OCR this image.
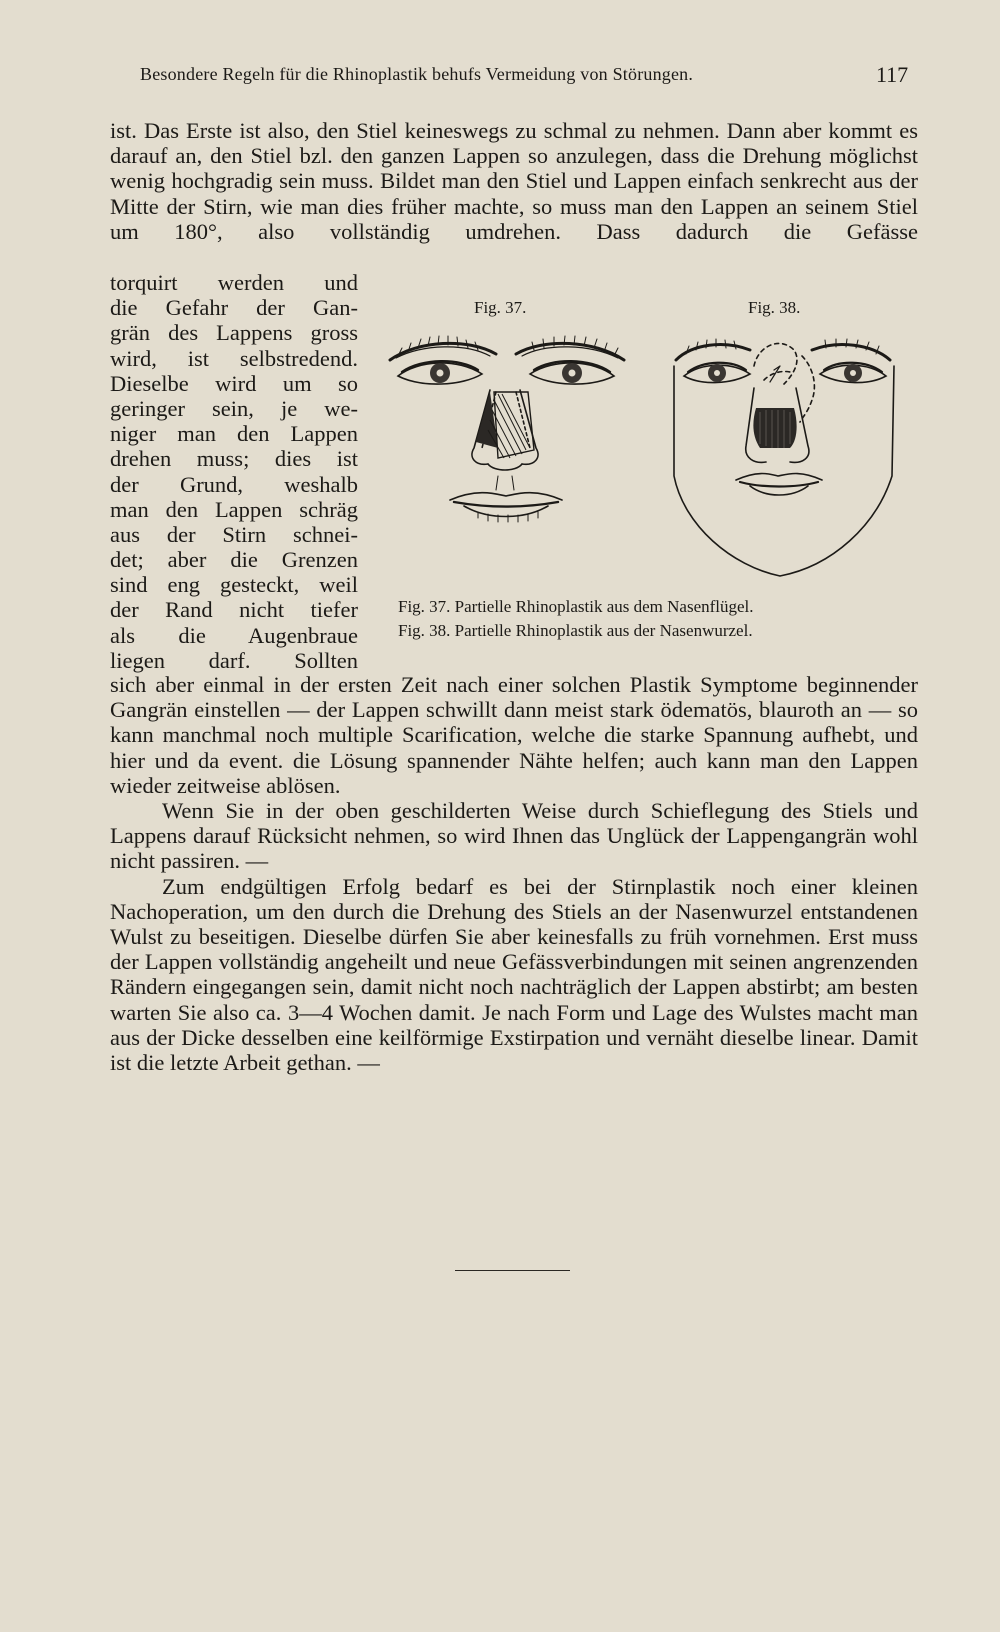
Besondere Regeln für die Rhinoplastik behufs Vermeidung von Störungen.	117
ist. Das Erste ist also, den Stiel keineswegs zu schmal zu nehmen. Dann aber kommt es darauf an, den Stiel bzl. den ganzen Lappen so anzulegen, dass die Drehung möglichst wenig hochgradig sein muss. Bildet man den Stiel und Lappen einfach senkrecht aus der Mitte der Stirn, wie man dies früher machte, so muss man den Lappen an seinem Stiel um 180°, also vollständig umdrehen. Dass dadurch die Gefässe
torquirt werden und
die Gefahr der Gan-
grän des Lappens gross
wird, ist selbstredend.
Dieselbe wird um so
geringer sein, je we-
niger man den Lappen
drehen muss; dies ist
der Grund, weshalb
man den Lappen schräg
aus der Stirn schnei-
det; aber die Grenzen
sind eng gesteckt, weil
der Rand nicht tiefer
als die Augenbraue
liegen darf. Sollten
Fig. 37.	Fig. 38.
Fig. 37. Partielle Rhinoplastik aus dem Nasenflügel.
Fig. 38. Partielle Rhinoplastik aus der Nasenwurzel.
sich aber einmal in der ersten Zeit nach einer solchen Plastik Symptome beginnender Gangrän einstellen — der Lappen schwillt dann meist stark ödematös, blauroth an — so kann manchmal noch multiple Scarification, welche die starke Spannung aufhebt, und hier und da event. die Lösung spannender Nähte helfen; auch kann man den Lappen wieder zeitweise ablösen.
Wenn Sie in der oben geschilderten Weise durch Schieflegung des Stiels und Lappens darauf Rücksicht nehmen, so wird Ihnen das Unglück der Lappengangrän wohl nicht passiren. —
Zum endgültigen Erfolg bedarf es bei der Stirnplastik noch einer kleinen Nachoperation, um den durch die Drehung des Stiels an der Nasenwurzel entstandenen Wulst zu beseitigen. Dieselbe dürfen Sie aber keinesfalls zu früh vornehmen. Erst muss der Lappen vollständig angeheilt und neue Gefässverbindungen mit seinen angrenzenden Rändern eingegangen sein, damit nicht noch nachträglich der Lappen abstirbt; am besten warten Sie also ca. 3—4 Wochen damit. Je nach Form und Lage des Wulstes macht man aus der Dicke desselben eine keilförmige Exstirpation und vernäht dieselbe linear. Damit ist die letzte Arbeit gethan. —
